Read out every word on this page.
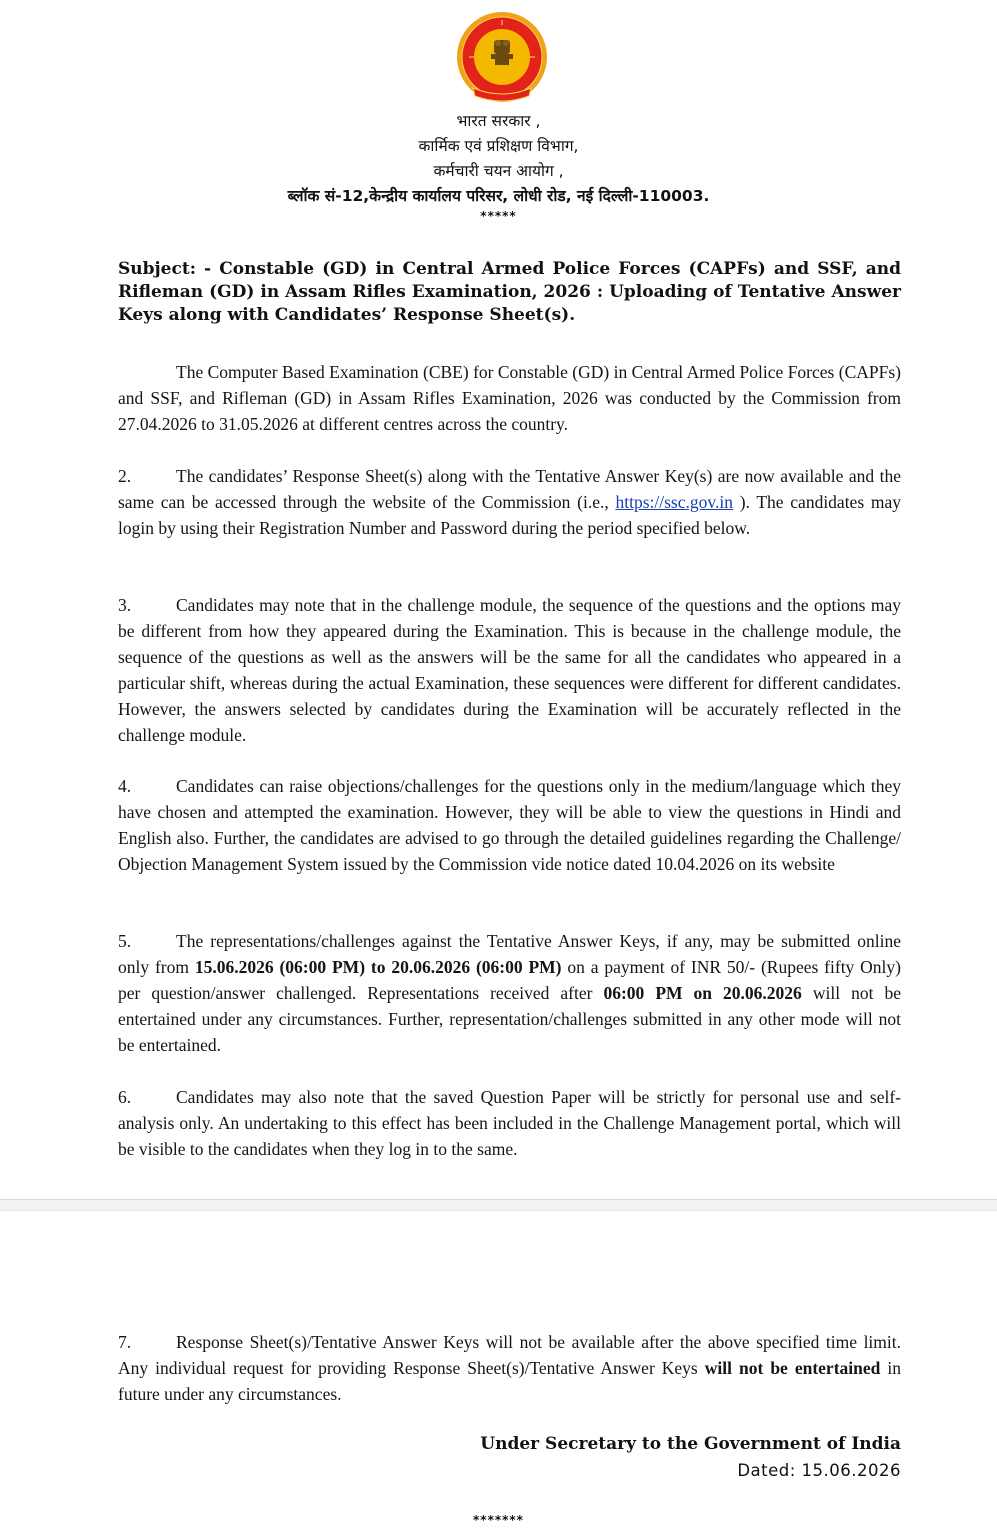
भारत सरकार ,
कार्मिक एवं प्रशिक्षण विभाग,
कर्मचारी चयन आयोग ,
ब्लॉक सं-12,केन्द्रीय कार्यालय परिसर, लोधी रोड, नई दिल्ली-110003.
*****
Subject: - Constable (GD) in Central Armed Police Forces (CAPFs) and SSF, and Rifleman (GD) in Assam Rifles Examination, 2026 : Uploading of Tentative Answer Keys along with Candidates’ Response Sheet(s).
The Computer Based Examination (CBE) for Constable (GD) in Central Armed Police Forces (CAPFs) and SSF, and Rifleman (GD) in Assam Rifles Examination, 2026 was conducted by the Commission from 27.04.2026 to 31.05.2026 at different centres across the country.
2.	The candidates’ Response Sheet(s) along with the Tentative Answer Key(s) are now available and the same can be accessed through the website of the Commission (i.e., https://ssc.gov.in ). The candidates may login by using their Registration Number and Password during the period specified below.
3.	Candidates may note that in the challenge module, the sequence of the questions and the options may be different from how they appeared during the Examination. This is because in the challenge module, the sequence of the questions as well as the answers will be the same for all the candidates who appeared in a particular shift, whereas during the actual Examination, these sequences were different for different candidates. However, the answers selected by candidates during the Examination will be accurately reflected in the challenge module.
4.	Candidates can raise objections/challenges for the questions only in the medium/language which they have chosen and attempted the examination. However, they will be able to view the questions in Hindi and English also. Further, the candidates are advised to go through the detailed guidelines regarding the Challenge/ Objection Management System issued by the Commission vide notice dated 10.04.2026 on its website
5.	The representations/challenges against the Tentative Answer Keys, if any, may be submitted online only from 15.06.2026 (06:00 PM) to 20.06.2026 (06:00 PM) on a payment of INR 50/- (Rupees fifty Only) per question/answer challenged. Representations received after 06:00 PM on 20.06.2026 will not be entertained under any circumstances. Further, representation/challenges submitted in any other mode will not be entertained.
6.	Candidates may also note that the saved Question Paper will be strictly for personal use and self-analysis only. An undertaking to this effect has been included in the Challenge Management portal, which will be visible to the candidates when they log in to the same.
7.	Response Sheet(s)/Tentative Answer Keys will not be available after the above specified time limit. Any individual request for providing Response Sheet(s)/Tentative Answer Keys will not be entertained in future under any circumstances.
Under Secretary to the Government of India
Dated: 15.06.2026
*******
